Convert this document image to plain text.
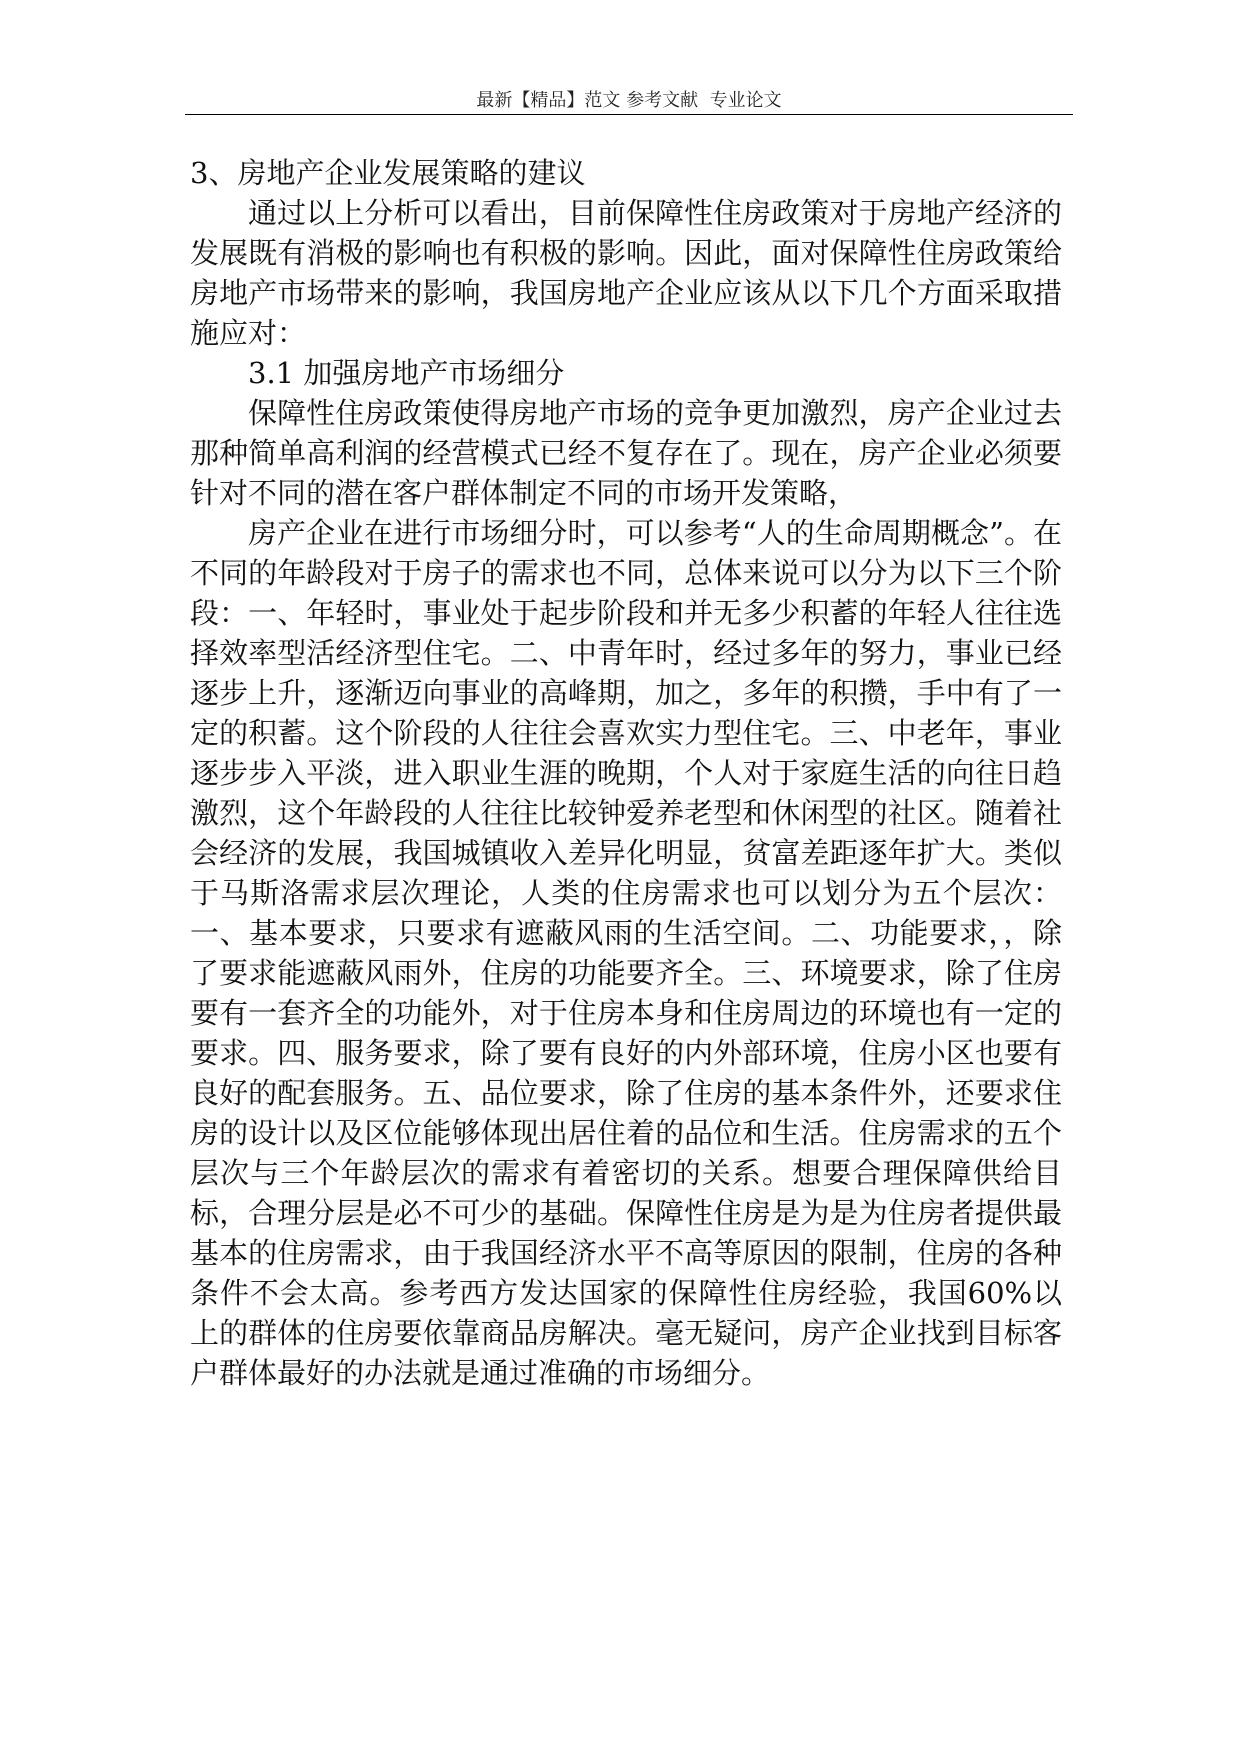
最新【精品】范文 参考文献  专业论文

3、房地产企业发展策略的建议

通过以上分析可以看出，目前保障性住房政策对于房地产经济的发展既有消极的影响也有积极的影响。因此，面对保障性住房政策给房地产市场带来的影响，我国房地产企业应该从以下几个方面采取措施应对：

3.1 加强房地产市场细分

保障性住房政策使得房地产市场的竞争更加激烈，房产企业过去那种简单高利润的经营模式已经不复存在了。现在，房产企业必须要针对不同的潜在客户群体制定不同的市场开发策略，

房产企业在进行市场细分时，可以参考“人的生命周期概念”。在不同的年龄段对于房子的需求也不同，总体来说可以分为以下三个阶段：一、年轻时，事业处于起步阶段和并无多少积蓄的年轻人往往选择效率型活经济型住宅。二、中青年时，经过多年的努力，事业已经逐步上升，逐渐迈向事业的高峰期，加之，多年的积攒，手中有了一定的积蓄。这个阶段的人往往会喜欢实力型住宅。三、中老年，事业逐步步入平淡，进入职业生涯的晚期，个人对于家庭生活的向往日趋激烈，这个年龄段的人往往比较钟爱养老型和休闲型的社区。随着社会经济的发展，我国城镇收入差异化明显，贫富差距逐年扩大。类似于马斯洛需求层次理论，人类的住房需求也可以划分为五个层次：一、基本要求，只要求有遮蔽风雨的生活空间。二、功能要求，，除了要求能遮蔽风雨外，住房的功能要齐全。三、环境要求，除了住房要有一套齐全的功能外，对于住房本身和住房周边的环境也有一定的要求。四、服务要求，除了要有良好的内外部环境，住房小区也要有良好的配套服务。五、品位要求，除了住房的基本条件外，还要求住房的设计以及区位能够体现出居住着的品位和生活。住房需求的五个层次与三个年龄层次的需求有着密切的关系。想要合理保障供给目标，合理分层是必不可少的基础。保障性住房是为是为住房者提供最基本的住房需求，由于我国经济水平不高等原因的限制，住房的各种条件不会太高。参考西方发达国家的保障性住房经验，我国60%以上的群体的住房要依靠商品房解决。毫无疑问，房产企业找到目标客户群体最好的办法就是通过准确的市场细分。
